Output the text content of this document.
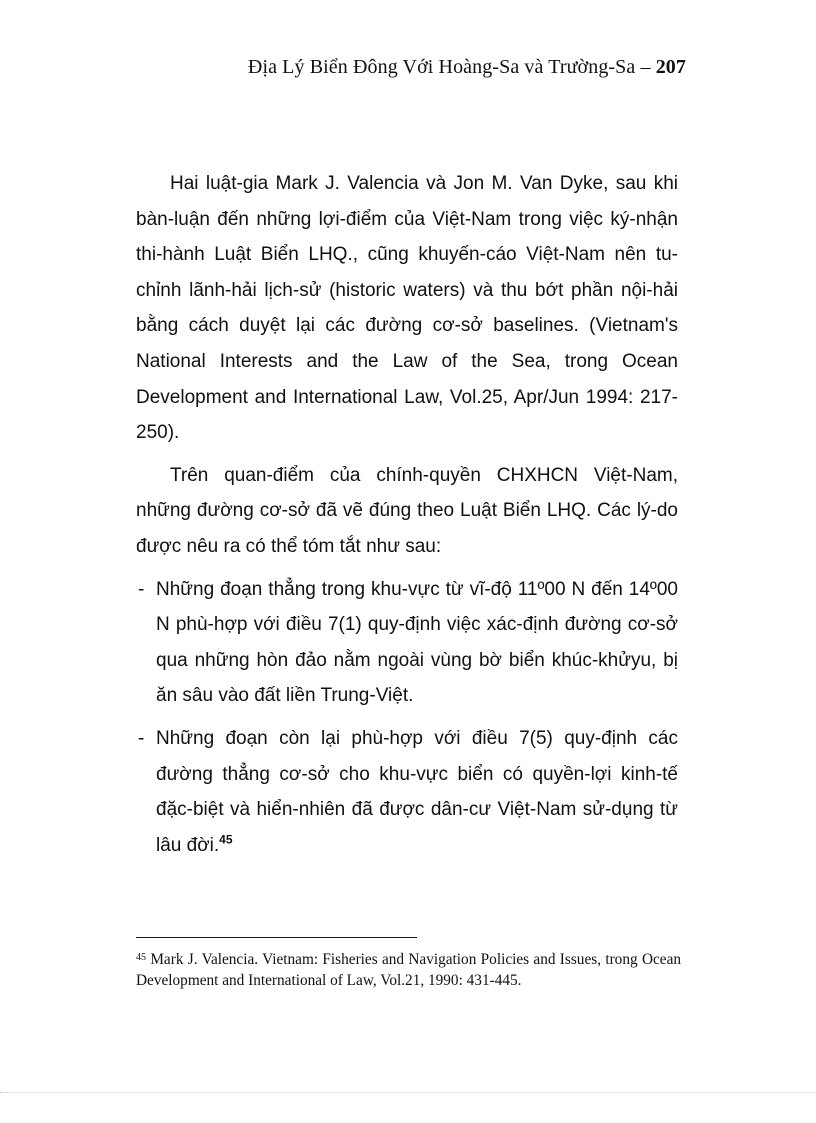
Địa Lý Biển Đông Với Hoàng-Sa và Trường-Sa – 207

Hai luật-gia Mark J. Valencia và Jon M. Van Dyke, sau khi bàn-luận đến những lợi-điểm của Việt-Nam trong việc ký-nhận thi-hành Luật Biển LHQ., cũng khuyến-cáo Việt-Nam nên tu-chỉnh lãnh-hải lịch-sử (historic waters) và thu bớt phần nội-hải bằng cách duyệt lại các đường cơ-sở baselines. (Vietnam's National Interests and the Law of the Sea, trong Ocean Development and International Law, Vol.25, Apr/Jun 1994: 217-250).

Trên quan-điểm của chính-quyền CHXHCN Việt-Nam, những đường cơ-sở đã vẽ đúng theo Luật Biển LHQ. Các lý-do được nêu ra có thể tóm tắt như sau:

- Những đoạn thẳng trong khu-vực từ vĩ-độ 11º00 N đến 14º00 N phù-hợp với điều 7(1) quy-định việc xác-định đường cơ-sở qua những hòn đảo nằm ngoài vùng bờ biển khúc-khửyu, bị ăn sâu vào đất liền Trung-Việt.
- Những đoạn còn lại phù-hợp với điều 7(5) quy-định các đường thẳng cơ-sở cho khu-vực biển có quyền-lợi kinh-tế đặc-biệt và hiển-nhiên đã được dân-cư Việt-Nam sử-dụng từ lâu đời.$^{45}$
$^{45}$ Mark J. Valencia. Vietnam: Fisheries and Navigation Policies and Issues, trong Ocean Development and International of Law, Vol.21, 1990: 431-445.
